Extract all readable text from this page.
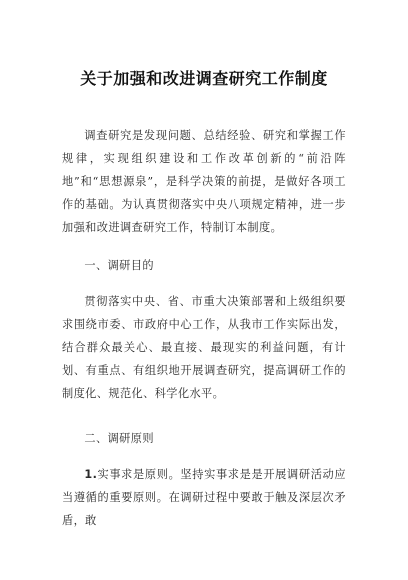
关于加强和改进调查研究工作制度

调查研究是发现问题、总结经验、研究和掌握工作规律，实现组织建设和工作改革创新的“前沿阵地”和“思想源泉”，是科学决策的前提，是做好各项工作的基础。为认真贯彻落实中央八项规定精神，进一步加强和改进调查研究工作，特制订本制度。

一、调研目的

贯彻落实中央、省、市重大决策部署和上级组织要求围绕市委、市政府中心工作，从我市工作实际出发，结合群众最关心、最直接、最现实的利益问题，有计划、有重点、有组织地开展调查研究，提高调研工作的制度化、规范化、科学化水平。

二、调研原则

1.实事求是原则。坚持实事求是是开展调研活动应当遵循的重要原则。在调研过程中要敢于触及深层次矛盾，敢
